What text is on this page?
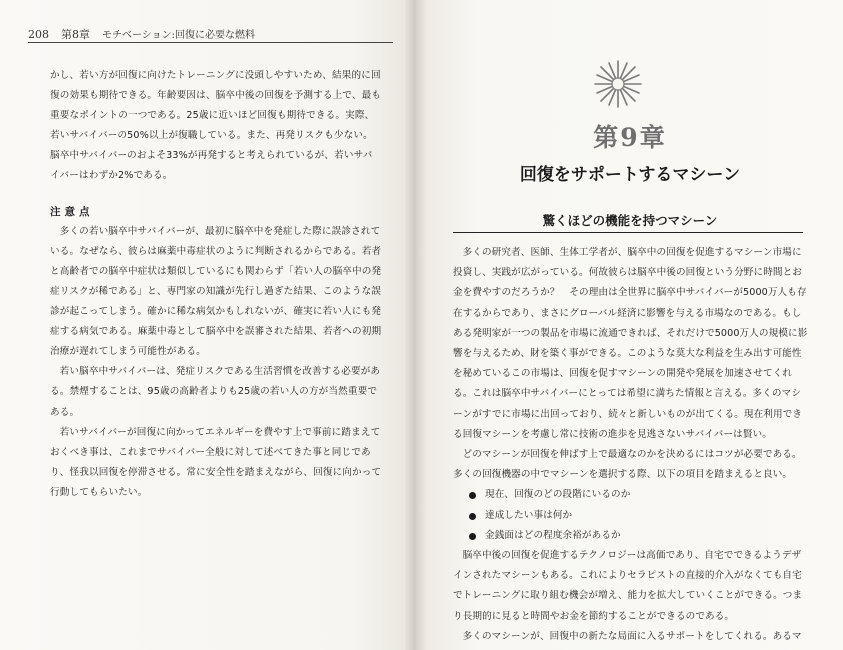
208 第8章 モチベーション:回復に必要な燃料

かし、若い方が回復に向けたトレーニングに没頭しやすいため、結果的に回復の効果も期待できる。年齢要因は、脳卒中後の回復を予測する上で、最も重要なポイントの一つである。25歳に近いほど回復も期待できる。実際、若いサバイバーの50%以上が復職している。また、再発リスクも少ない。脳卒中サバイバーのおよそ33%が再発すると考えられているが、若いサバイバーはわずか2%である。

注意点

多くの若い脳卒中サバイバーが、最初に脳卒中を発症した際に誤診されている。なぜなら、彼らは麻薬中毒症状のように判断されるからである。若者と高齢者での脳卒中症状は類似しているにも関わらず「若い人の脳卒中の発症リスクが稀である」と、専門家の知識が先行し過ぎた結果、このような誤診が起こってしまう。確かに稀な病気かもしれないが、確実に若い人にも発症する病気である。麻薬中毒として脳卒中を誤審された結果、若者への初期治療が遅れてしまう可能性がある。

若い脳卒中サバイバーは、発症リスクである生活習慣を改善する必要がある。禁煙することは、95歳の高齢者よりも25歳の若い人の方が当然重要である。

若いサバイバーが回復に向かってエネルギーを費やす上で事前に踏まえておくべき事は、これまでサバイバー全般に対して述べてきた事と同じであり、怪我以回復を停滞させる。常に安全性を踏まえながら、回復に向かって行動してもらいたい。

第9章
回復をサポートするマシーン
驚くほどの機能を持つマシーン

多くの研究者、医師、生体工学者が、脳卒中の回復を促進するマシーン市場に投資し、実践が広がっている。何故彼らは脳卒中後の回復という分野に時間とお金を費やすのだろうか？　その理由は全世界に脳卒中サバイバーが5000万人も存在するからであり、まさにグローバル経済に影響を与える市場なのである。もしある発明家が一つの製品を市場に流通できれば、それだけで5000万人の規模に影響を与えるため、財を築く事ができる。このような莫大な利益を生み出す可能性を秘めているこの市場は、回復を促すマシーンの開発や発展を加速させてくれる。これは脳卒中サバイバーにとっては希望に満ちた情報と言える。多くのマシーンがすでに市場に出回っており、続々と新しいものが出てくる。現在利用できる回復マシーンを考慮し常に技術の進歩を見逃さないサバイバーは賢い。

どのマシーンが回復を伸ばす上で最適なのかを決めるにはコツが必要である。多くの回復機器の中でマシーンを選択する際、以下の項目を踏まえると良い。

現在、回復のどの段階にいるのか
達成したい事は何か
金銭面はどの程度余裕があるか

脳卒中後の回復を促進するテクノロジーは高価であり、自宅でできるようデザインされたマシーンもある。これによりセラピストの直接的介入がなくても自宅でトレーニングに取り組む機会が増え、能力を拡大していくことができる。つまり長期的に見ると時間やお金を節約することができるのである。

多くのマシーンが、回復中の新たな局面に入るサポートをしてくれる。あるマ
